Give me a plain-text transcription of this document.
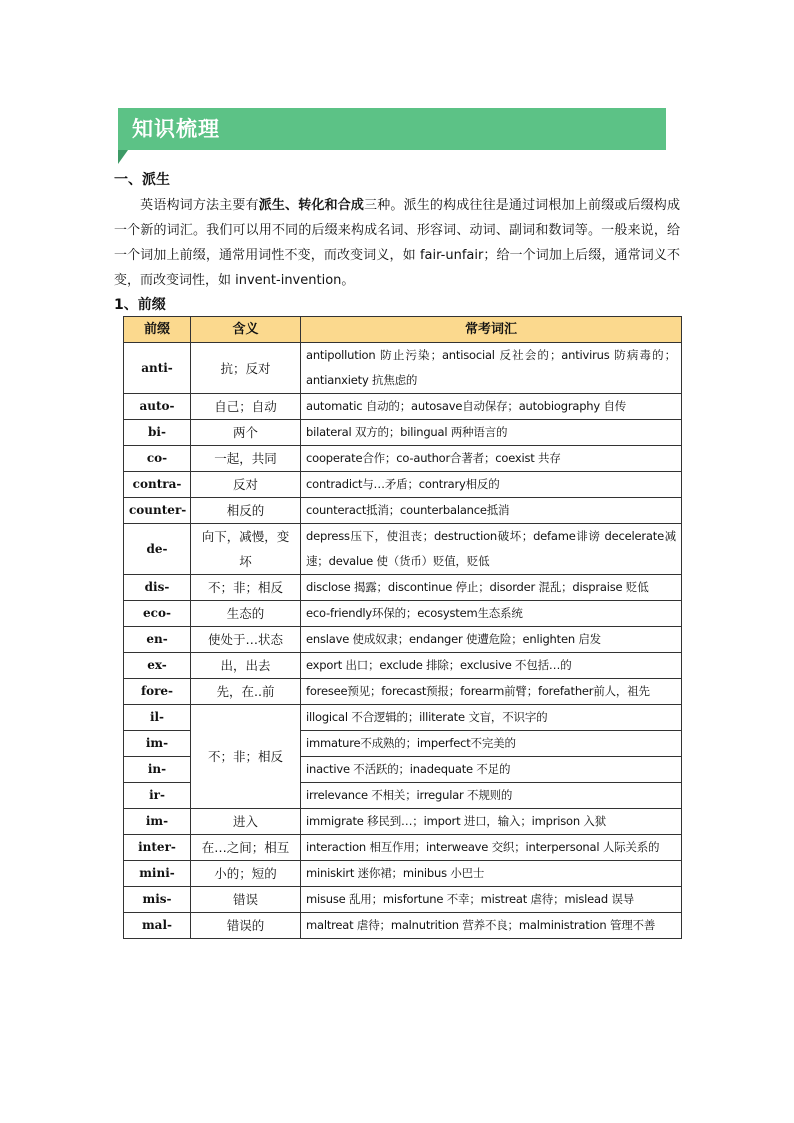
知识梳理
一、派生
英语构词方法主要有派生、转化和合成三种。派生的构成往往是通过词根加上前缀或后缀构成一个新的词汇。我们可以用不同的后缀来构成名词、形容词、动词、副词和数词等。一般来说，给一个词加上前缀，通常用词性不变，而改变词义，如 fair-unfair；给一个词加上后缀，通常词义不变，而改变词性，如 invent-invention。
1、前缀
前缀	含义	常考词汇
anti-	抗；反对	antipollution 防止污染；antisocial 反社会的；antivirus 防病毒的；antianxiety 抗焦虑的
auto-	自己；自动	automatic 自动的；autosave自动保存；autobiography 自传
bi-	两个	bilateral 双方的；bilingual 两种语言的
co-	一起，共同	cooperate合作；co-author合著者；coexist 共存
contra-	反对	contradict与…矛盾；contrary相反的
counter-	相反的	counteract抵消；counterbalance抵消
de-	向下，减慢，变坏	depress压下，使沮丧；destruction破坏；defame诽谤 decelerate减速；devalue 使（货币）贬值，贬低
dis-	不；非；相反	disclose 揭露；discontinue 停止；disorder 混乱；dispraise 贬低
eco-	生态的	eco-friendly环保的；ecosystem生态系统
en-	使处于…状态	enslave 使成奴隶；endanger 使遭危险；enlighten 启发
ex-	出，出去	export 出口；exclude 排除；exclusive 不包括…的
fore-	先，在..前	foresee预见；forecast预报；forearm前臂；forefather前人，祖先
il-	不；非；相反	illogical 不合逻辑的；illiterate 文盲，不识字的
im-		immature不成熟的；imperfect不完美的
in-		inactive 不活跃的；inadequate 不足的
ir-		irrelevance 不相关；irregular 不规则的
im-	进入	immigrate 移民到…；import 进口，输入；imprison 入狱
inter-	在…之间；相互	interaction 相互作用；interweave 交织；interpersonal 人际关系的
mini-	小的；短的	miniskirt 迷你裙；minibus 小巴士
mis-	错误	misuse 乱用；misfortune 不幸；mistreat 虐待；mislead 误导
mal-	错误的	maltreat 虐待；malnutrition 营养不良；malministration 管理不善
